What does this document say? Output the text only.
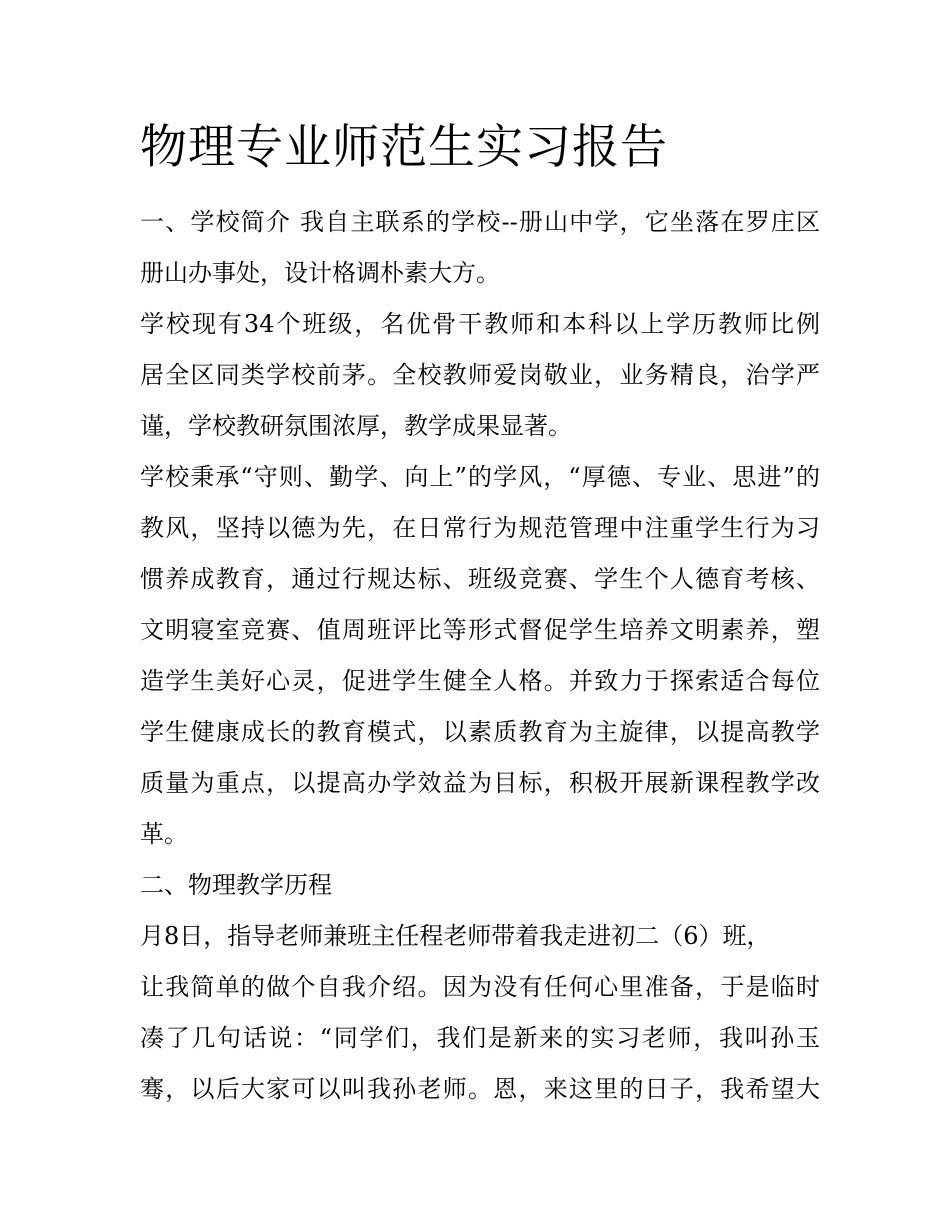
物理专业师范生实习报告
一、学校简介 我自主联系的学校--册山中学，它坐落在罗庄区
册山办事处，设计格调朴素大方。
学校现有34个班级，名优骨干教师和本科以上学历教师比例
居全区同类学校前茅。全校教师爱岗敬业，业务精良，治学严
谨，学校教研氛围浓厚，教学成果显著。
学校秉承“守则、勤学、向上”的学风，“厚德、专业、思进”的
教风，坚持以德为先，在日常行为规范管理中注重学生行为习
惯养成教育，通过行规达标、班级竞赛、学生个人德育考核、
文明寝室竞赛、值周班评比等形式督促学生培养文明素养，塑
造学生美好心灵，促进学生健全人格。并致力于探索适合每位
学生健康成长的教育模式，以素质教育为主旋律，以提高教学
质量为重点，以提高办学效益为目标，积极开展新课程教学改
革。
二、物理教学历程
月8日，指导老师兼班主任程老师带着我走进初二（6）班，
让我简单的做个自我介绍。因为没有任何心里准备，于是临时
凑了几句话说：“同学们，我们是新来的实习老师，我叫孙玉
骞，以后大家可以叫我孙老师。恩，来这里的日子，我希望大
